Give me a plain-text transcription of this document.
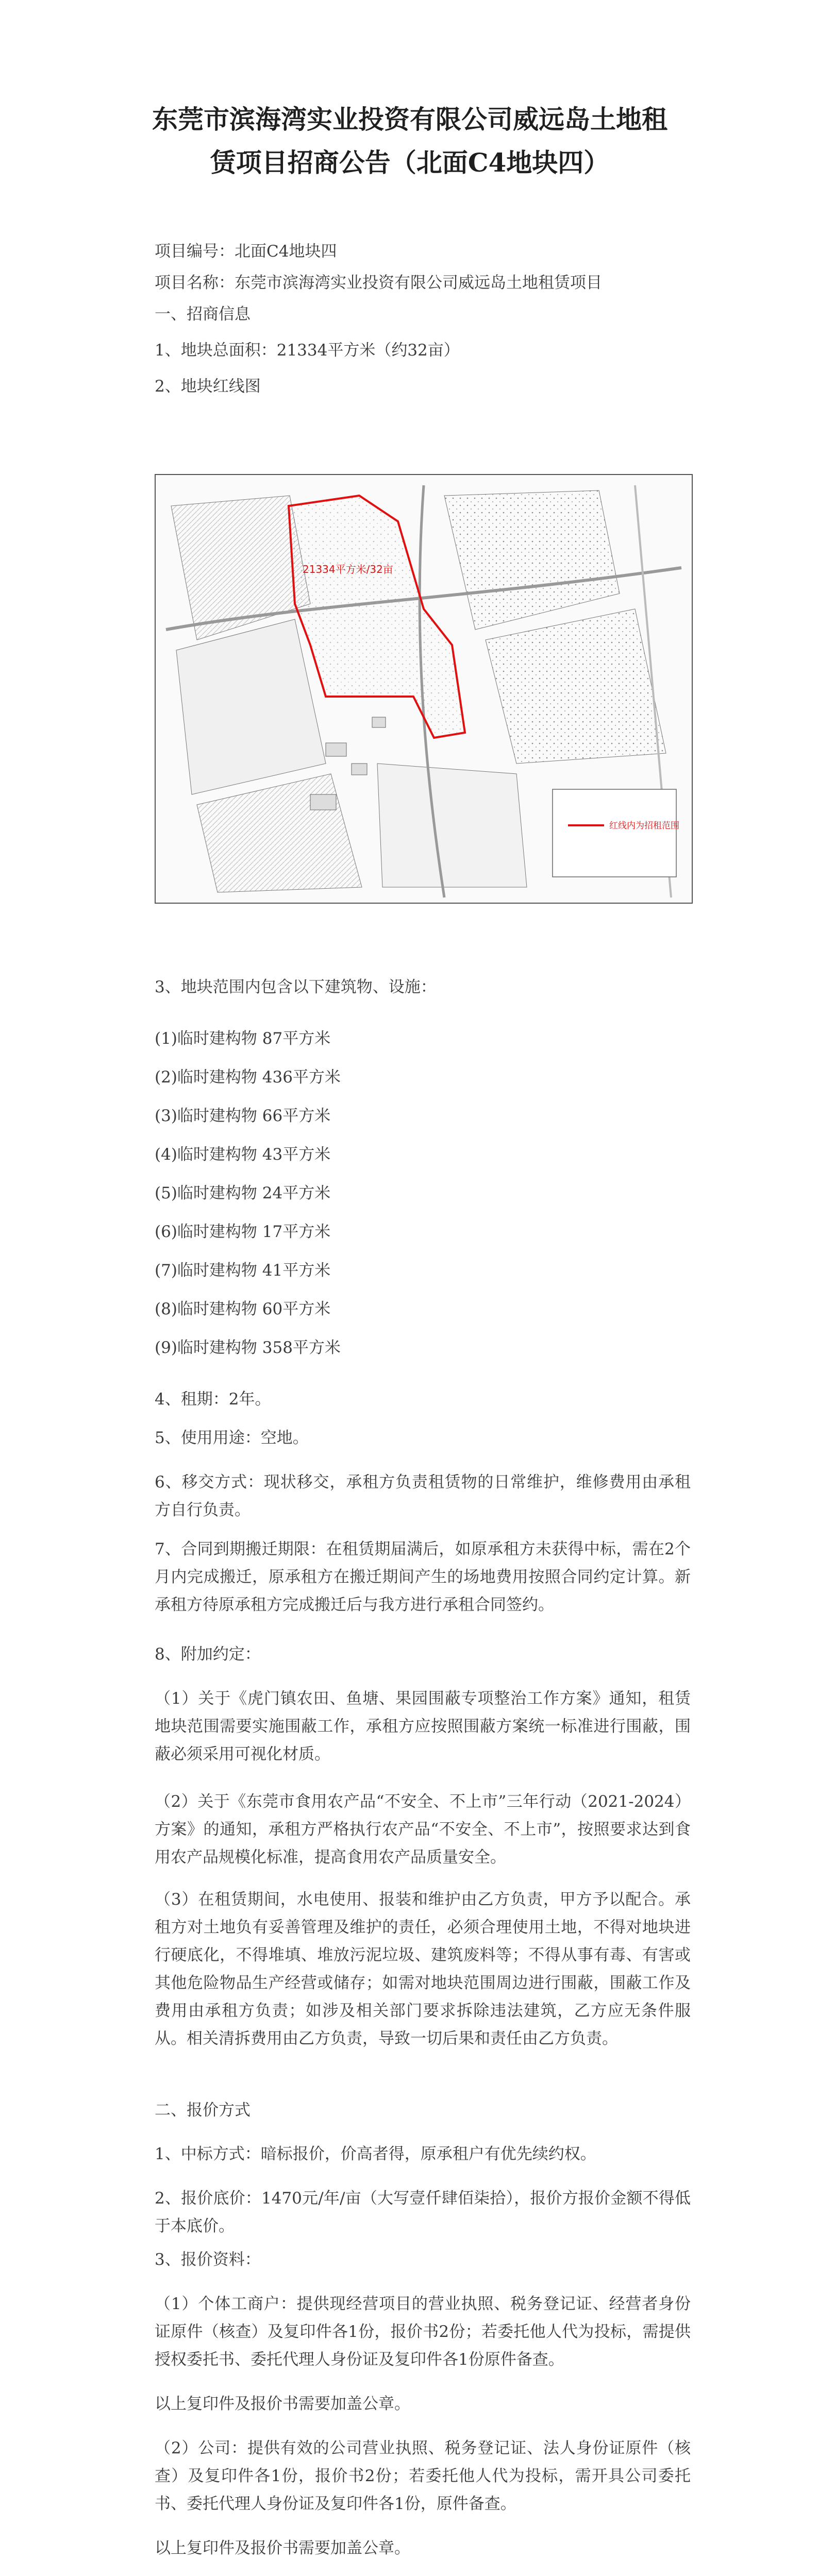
东莞市滨海湾实业投资有限公司威远岛土地租
赁项目招商公告（北面C4地块四）
项目编号：北面C4地块四
项目名称：东莞市滨海湾实业投资有限公司威远岛土地租赁项目
一、招商信息
1、地块总面积：21334平方米（约32亩）
2、地块红线图
21334平方米/32亩
红线内为招租范围
3、地块范围内包含以下建筑物、设施：
(1)临时建构物 87平方米
(2)临时建构物 436平方米
(3)临时建构物 66平方米
(4)临时建构物 43平方米
(5)临时建构物 24平方米
(6)临时建构物 17平方米
(7)临时建构物 41平方米
(8)临时建构物 60平方米
(9)临时建构物 358平方米
4、租期：2年。
5、使用用途：空地。
6、移交方式：现状移交，承租方负责租赁物的日常维护，维修费用由承租方自行负责。
7、合同到期搬迁期限：在租赁期届满后，如原承租方未获得中标，需在2个月内完成搬迁，原承租方在搬迁期间产生的场地费用按照合同约定计算。新承租方待原承租方完成搬迁后与我方进行承租合同签约。
8、附加约定：
（1）关于《虎门镇农田、鱼塘、果园围蔽专项整治工作方案》通知，租赁地块范围需要实施围蔽工作，承租方应按照围蔽方案统一标准进行围蔽，围蔽必须采用可视化材质。
（2）关于《东莞市食用农产品“不安全、不上市”三年行动（2021-2024）方案》的通知，承租方严格执行农产品“不安全、不上市”，按照要求达到食用农产品规模化标准，提高食用农产品质量安全。
（3）在租赁期间，水电使用、报装和维护由乙方负责，甲方予以配合。承租方对土地负有妥善管理及维护的责任，必须合理使用土地，不得对地块进行硬底化，不得堆填、堆放污泥垃圾、建筑废料等；不得从事有毒、有害或其他危险物品生产经营或储存；如需对地块范围周边进行围蔽，围蔽工作及费用由承租方负责；如涉及相关部门要求拆除违法建筑，乙方应无条件服从。相关清拆费用由乙方负责，导致一切后果和责任由乙方负责。
二、报价方式
1、中标方式：暗标报价，价高者得，原承租户有优先续约权。
2、报价底价：1470元/年/亩（大写壹仟肆佰柒拾），报价方报价金额不得低于本底价。
3、报价资料：
（1）个体工商户：提供现经营项目的营业执照、税务登记证、经营者身份证原件（核查）及复印件各1份，报价书2份；若委托他人代为投标，需提供授权委托书、委托代理人身份证及复印件各1份原件备查。
以上复印件及报价书需要加盖公章。
（2）公司：提供有效的公司营业执照、税务登记证、法人身份证原件（核查）及复印件各1份，报价书2份；若委托他人代为投标，需开具公司委托书、委托代理人身份证及复印件各1份，原件备查。
以上复印件及报价书需要加盖公章。
